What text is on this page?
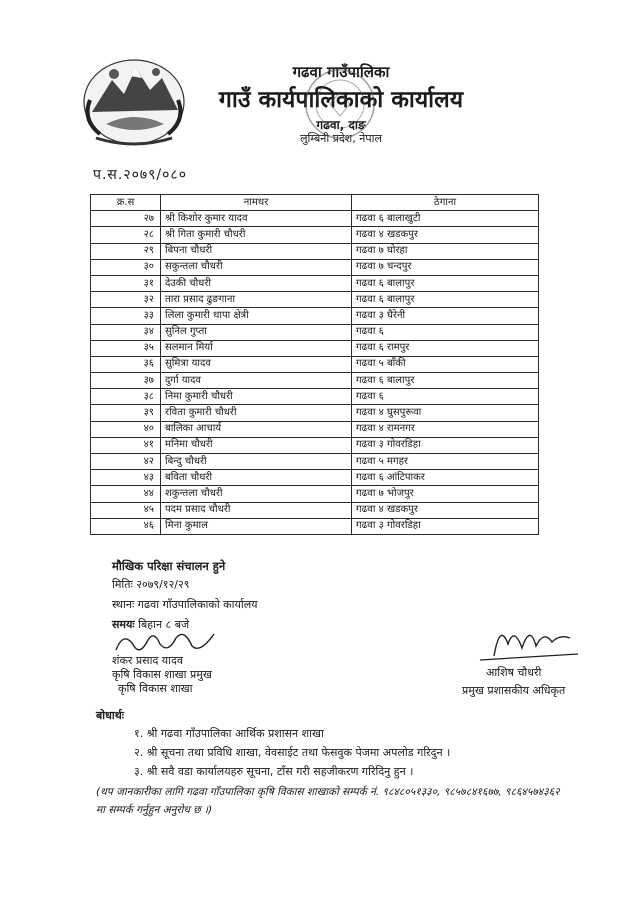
गढवा गाउँपालिका
गाउँ कार्यपालिकाको कार्यालय
गढवा, दाङ
लुम्बिनी प्रदेश, नेपाल
प.स.२०७९/०८०
क्र.स	नामथर	ठेगाना
२७	श्री किशोर कुमार यादव	गढवा ६ बालाखुटी
२८	श्री गिता कुमारी चौधरी	गढवा ४ खडकपुर
२९	बिपना चौधरी	गढवा ७ घोरहा
३०	सकुन्तला चौधरी	गढवा ७ चन्दपुर
३१	देउकी चौधरी	गढवा ६ बालापुर
३२	तारा प्रसाद ढुङगाना	गढवा ६ बालापुर
३३	लिला कुमारी थापा क्षेत्री	गढवा ३ घैरेनी
३४	सुनिल गुप्ता	गढवा ६
३५	सलमान मिर्या	गढवा ६ रामपुर
३६	सुमित्रा यादव	गढवा ५ बाँकी
३७	दुर्गा यादव	गढवा ६ बालापुर
३८	निमा कुमारी चौधरी	गढवा ६
३९	रविता कुमारी चौधरी	गढवा ४ घुसपुरूवा
४०	बालिका आचार्य	गढवा ४ रामनगर
४१	मनिमा चौधरी	गढवा ३ गोवरडिहा
४२	बिन्दु चौधरी	गढवा ५ मगहर
४३	बविता चौधरी	गढवा ६ आंटिपाकर
४४	शकुन्तला चौधरी	गढवा ७ भोजपुर
४५	पदम प्रसाद चौधरी	गढवा ४ खडकपुर
४६	मिना कुमाल	गढवा ३ गोवरडिहा
मौखिक परिक्षा संचालन हुने
मितिः २०७९/१२/२९
स्थानः गढवा गाँउपालिकाको कार्यालय
समयः बिहान ८ बजे
शंकर प्रसाद यादव
कृषि विकास शाखा प्रमुख
कृषि विकास शाखा
आशिष चौधरी
प्रमुख प्रशासकीय अधिकृत
बोधार्थः
१. श्री गढवा गाँउपालिका आर्थिक प्रशासन शाखा
२. श्री सूचना तथा प्रविधि शाखा, वेवसाईट तथा फेसवुक पेजमा अपलोड गरिदुन ।
३. श्री सवै वडा कार्यालयहरु सूचना, टाँस गरी सहजीकरण गरिदिनु हुन ।
(थप जानकारीका लागि गढवा गाँउपालिका कृषि विकास शाखाको सम्पर्क नं. ९८४८०५१३३०, ९८५७८४१६७७, ९८६४५७४३६२ मा सम्पर्क गर्नुहुन अनुरोध छ ।)
